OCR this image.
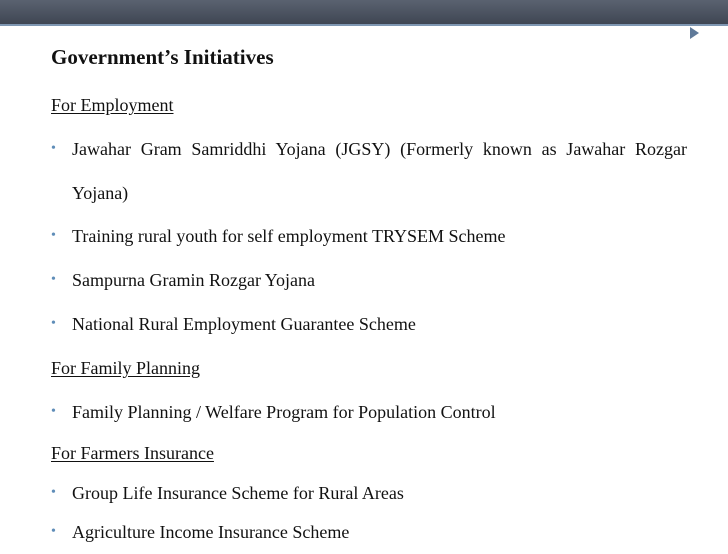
Government’s Initiatives
For Employment
• Jawahar Gram Samriddhi Yojana (JGSY) (Formerly known as Jawahar Rozgar Yojana)
• Training rural youth for self employment TRYSEM Scheme
• Sampurna Gramin Rozgar Yojana
• National Rural Employment Guarantee Scheme
For Family Planning
• Family Planning / Welfare Program for Population Control
For Farmers Insurance
• Group Life Insurance Scheme for Rural Areas
• Agriculture Income Insurance Scheme
